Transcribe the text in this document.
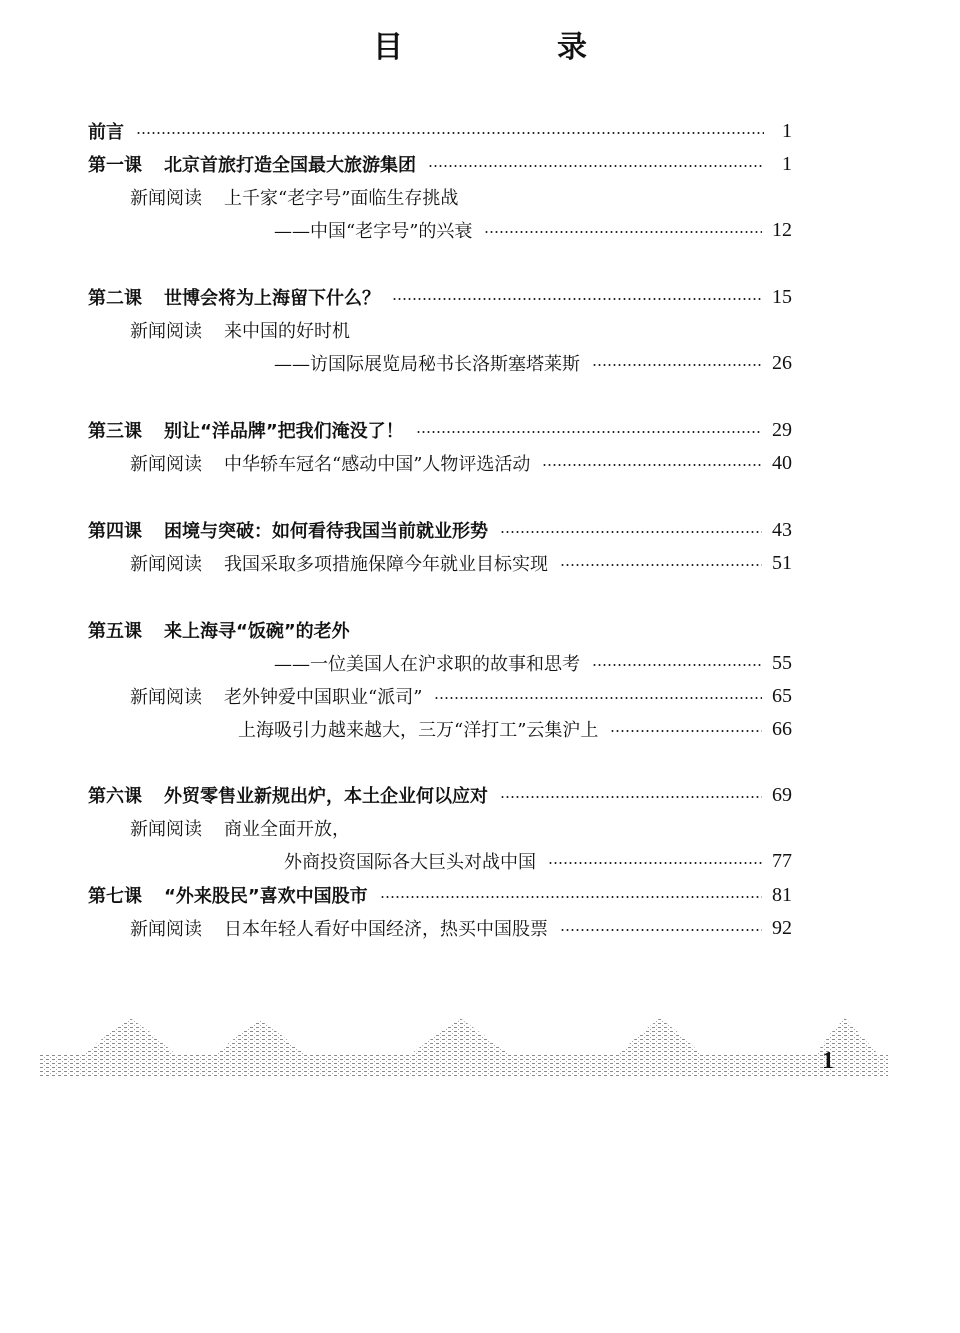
目　录
前言	1
第一课 北京首旅打造全国最大旅游集团	1
新闻阅读 上千家“老字号”面临生存挑战
——中国“老字号”的兴衰	12
第二课 世博会将为上海留下什么？	15
新闻阅读 来中国的好时机
——访国际展览局秘书长洛斯塞塔莱斯	26
第三课 别让“洋品牌”把我们淹没了！	29
新闻阅读 中华轿车冠名“感动中国”人物评选活动	40
第四课 困境与突破：如何看待我国当前就业形势	43
新闻阅读 我国采取多项措施保障今年就业目标实现	51
第五课 来上海寻“饭碗”的老外
——一位美国人在沪求职的故事和思考	55
新闻阅读 老外钟爱中国职业“派司”	65
上海吸引力越来越大，三万“洋打工”云集沪上	66
第六课 外贸零售业新规出炉，本土企业何以应对	69
新闻阅读 商业全面开放，
外商投资国际各大巨头对战中国	77
第七课 “外来股民”喜欢中国股市	81
新闻阅读 日本年轻人看好中国经济，热买中国股票	92
1
